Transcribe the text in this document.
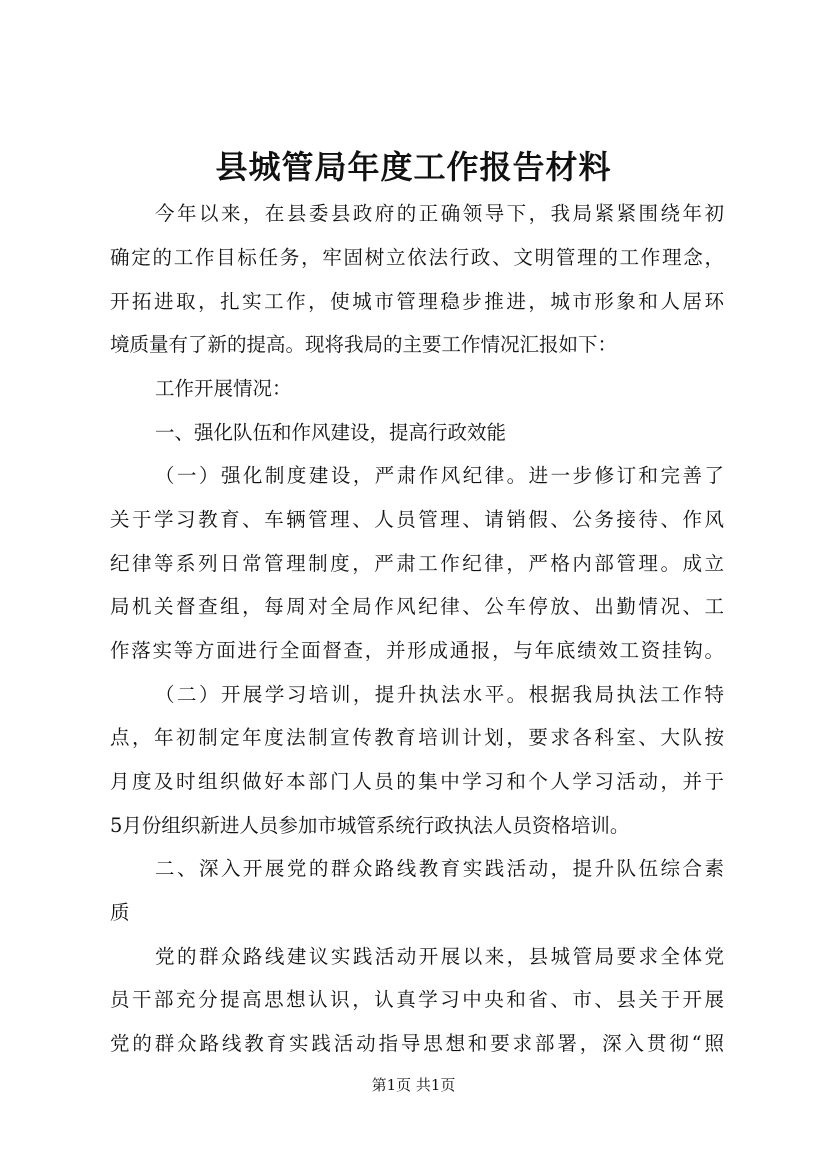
县城管局年度工作报告材料
今年以来，在县委县政府的正确领导下，我局紧紧围绕年初
确定的工作目标任务，牢固树立依法行政、文明管理的工作理念，
开拓进取，扎实工作，使城市管理稳步推进，城市形象和人居环
境质量有了新的提高。现将我局的主要工作情况汇报如下：
工作开展情况：
一、强化队伍和作风建设，提高行政效能
（一）强化制度建设，严肃作风纪律。进一步修订和完善了
关于学习教育、车辆管理、人员管理、请销假、公务接待、作风
纪律等系列日常管理制度，严肃工作纪律，严格内部管理。成立
局机关督查组，每周对全局作风纪律、公车停放、出勤情况、工
作落实等方面进行全面督查，并形成通报，与年底绩效工资挂钩。
（二）开展学习培训，提升执法水平。根据我局执法工作特
点，年初制定年度法制宣传教育培训计划，要求各科室、大队按
月度及时组织做好本部门人员的集中学习和个人学习活动，并于
5月份组织新进人员参加市城管系统行政执法人员资格培训。
二、深入开展党的群众路线教育实践活动，提升队伍综合素
质
党的群众路线建议实践活动开展以来，县城管局要求全体党
员干部充分提高思想认识，认真学习中央和省、市、县关于开展
党的群众路线教育实践活动指导思想和要求部署，深入贯彻“照
第1页 共1页
